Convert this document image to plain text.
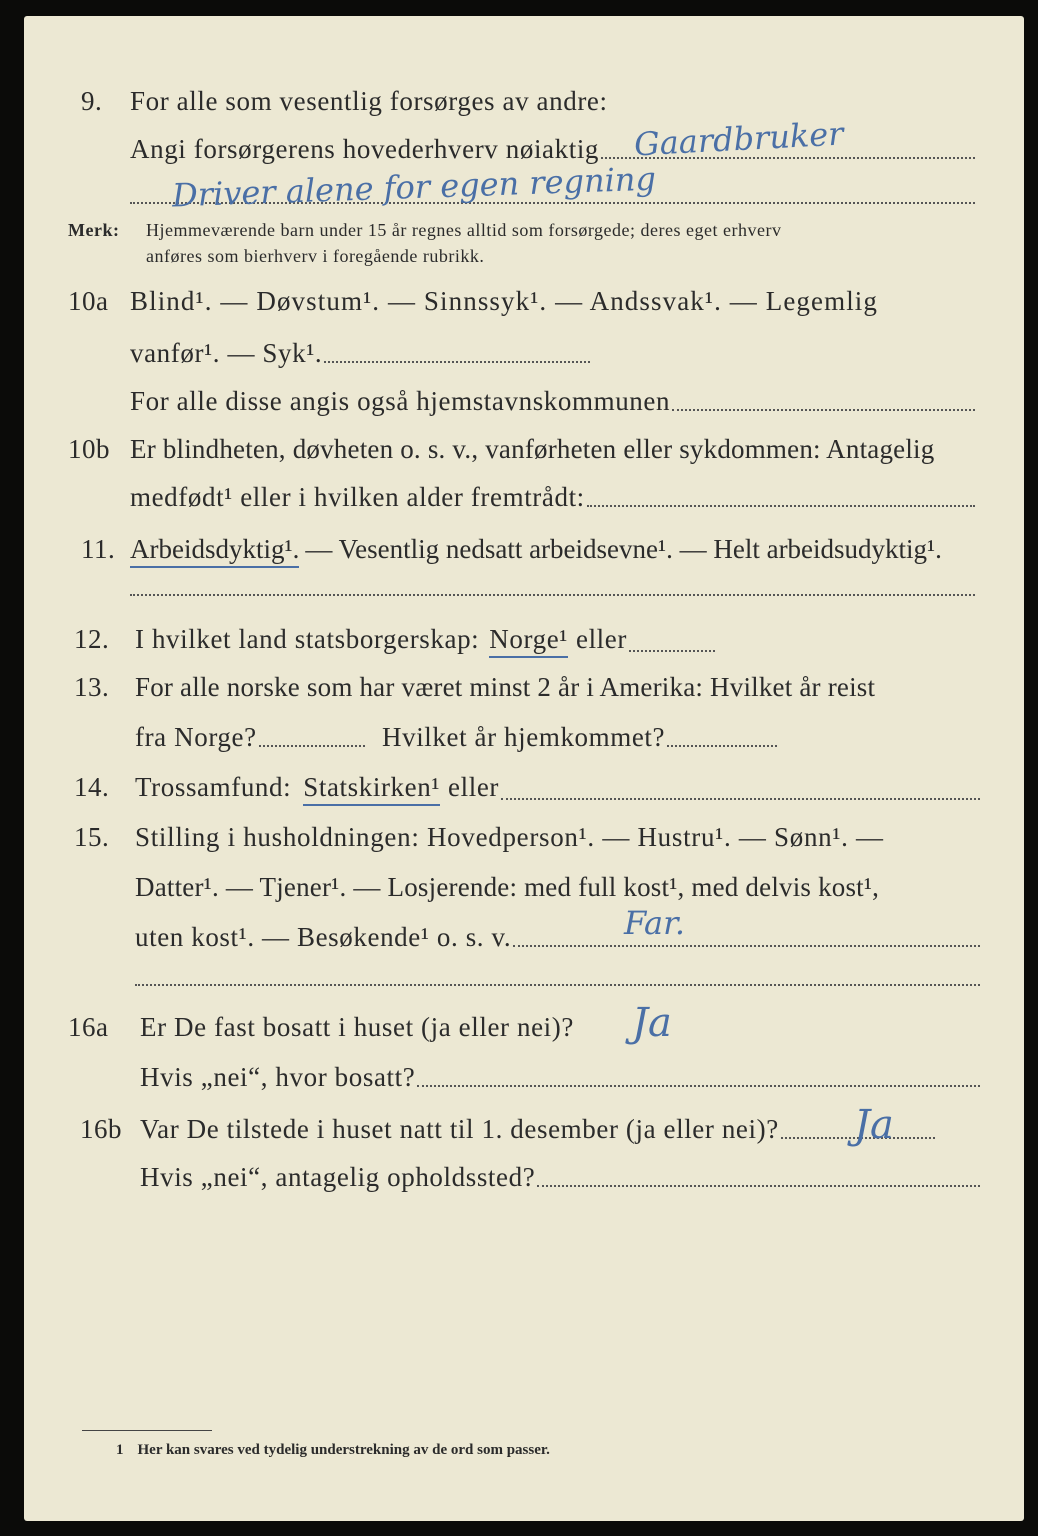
9. For alle som vesentlig forsørges av andre:
Angi forsørgerens hovederhverv nøiaktig Gaardbruker
Driver alene for egen regning
Merk:	Hjemmeværende barn under 15 år regnes alltid som forsørgede; deres eget erhverv
anføres som bierhverv i foregående rubrikk.
10a Blind¹. — Døvstum¹. — Sinnssyk¹. — Andssvak¹. — Legemlig
vanfør¹. — Syk¹.
For alle disse angis også hjemstavnskommunen
10b Er blindheten, døvheten o. s. v., vanførheten eller sykdommen: Antagelig
medfødt¹ eller i hvilken alder fremtrådt:
11. Arbeidsdyktig¹. — Vesentlig nedsatt arbeidsevne¹. — Helt arbeidsudyktig¹.
12. I hvilket land statsborgerskap: Norge¹ eller
13. For alle norske som har været minst 2 år i Amerika: Hvilket år reist
fra Norge?	Hvilket år hjemkommet?
14. Trossamfund: Statskirken¹ eller
15. Stilling i husholdningen: Hovedperson¹. — Hustru¹. — Sønn¹. —
Datter¹. — Tjener¹. — Losjerende: med full kost¹, med delvis kost¹,
uten kost¹. — Besøkende¹ o. s. v.	Far.
16a Er De fast bosatt i huset (ja eller nei)? Ja
Hvis „nei“, hvor bosatt?
16b Var De tilstede i huset natt til 1. desember (ja eller nei)? Ja
Hvis „nei“, antagelig opholdssted?
1 Her kan svares ved tydelig understrekning av de ord som passer.
